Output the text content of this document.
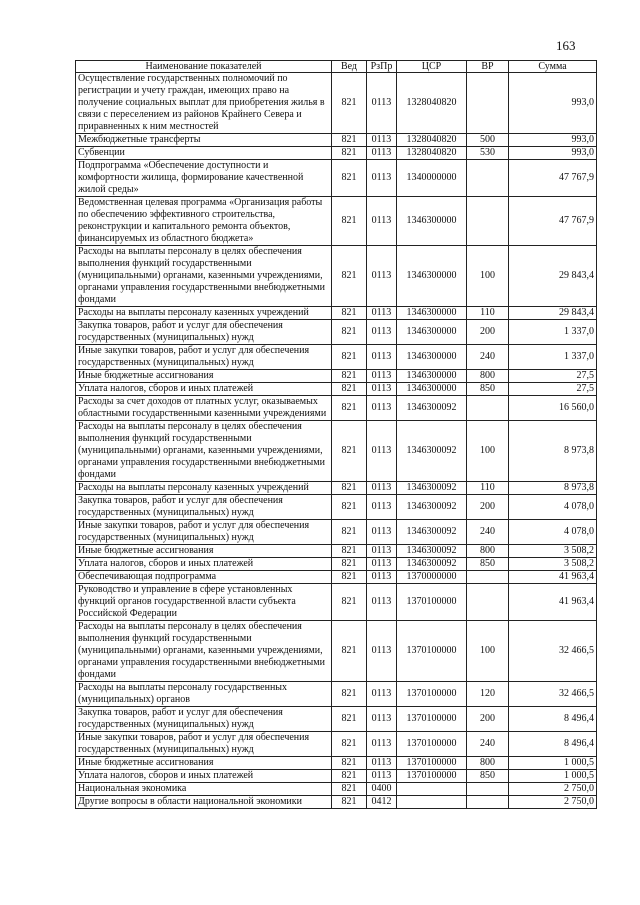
163
Наименование показателей	Вед	РзПр	ЦСР	ВР	Сумма
Осуществление государственных полномочий по регистрации и учету граждан, имеющих право на получение социальных выплат для приобретения жилья в связи с переселением из районов Крайнего Севера и приравненных к ним местностей	821	0113	1328040820		993,0
Межбюджетные трансферты	821	0113	1328040820	500	993,0
Субвенции	821	0113	1328040820	530	993,0
Подпрограмма «Обеспечение доступности и комфортности жилища, формирование качественной жилой среды»	821	0113	1340000000		47 767,9
Ведомственная целевая программа «Организация работы по обеспечению эффективного строительства, реконструкции и капитального ремонта объектов, финансируемых из областного бюджета»	821	0113	1346300000		47 767,9
Расходы на выплаты персоналу в целях обеспечения выполнения функций государственными (муниципальными) органами, казенными учреждениями, органами управления государственными внебюджетными фондами	821	0113	1346300000	100	29 843,4
Расходы на выплаты персоналу казенных учреждений	821	0113	1346300000	110	29 843,4
Закупка товаров, работ и услуг для обеспечения государственных (муниципальных) нужд	821	0113	1346300000	200	1 337,0
Иные закупки товаров, работ и услуг для обеспечения государственных (муниципальных) нужд	821	0113	1346300000	240	1 337,0
Иные бюджетные ассигнования	821	0113	1346300000	800	27,5
Уплата налогов, сборов и иных платежей	821	0113	1346300000	850	27,5
Расходы за счет доходов от платных услуг, оказываемых областными государственными казенными учреждениями	821	0113	1346300092		16 560,0
Расходы на выплаты персоналу в целях обеспечения выполнения функций государственными (муниципальными) органами, казенными учреждениями, органами управления государственными внебюджетными фондами	821	0113	1346300092	100	8 973,8
Расходы на выплаты персоналу казенных учреждений	821	0113	1346300092	110	8 973,8
Закупка товаров, работ и услуг для обеспечения государственных (муниципальных) нужд	821	0113	1346300092	200	4 078,0
Иные закупки товаров, работ и услуг для обеспечения государственных (муниципальных) нужд	821	0113	1346300092	240	4 078,0
Иные бюджетные ассигнования	821	0113	1346300092	800	3 508,2
Уплата налогов, сборов и иных платежей	821	0113	1346300092	850	3 508,2
Обеспечивающая подпрограмма	821	0113	1370000000		41 963,4
Руководство и управление в сфере установленных функций органов государственной власти субъекта Российской Федерации	821	0113	1370100000		41 963,4
Расходы на выплаты персоналу в целях обеспечения выполнения функций государственными (муниципальными) органами, казенными учреждениями, органами управления государственными внебюджетными фондами	821	0113	1370100000	100	32 466,5
Расходы на выплаты персоналу государственных (муниципальных) органов	821	0113	1370100000	120	32 466,5
Закупка товаров, работ и услуг для обеспечения государственных (муниципальных) нужд	821	0113	1370100000	200	8 496,4
Иные закупки товаров, работ и услуг для обеспечения государственных (муниципальных) нужд	821	0113	1370100000	240	8 496,4
Иные бюджетные ассигнования	821	0113	1370100000	800	1 000,5
Уплата налогов, сборов и иных платежей	821	0113	1370100000	850	1 000,5
Национальная экономика	821	0400			2 750,0
Другие вопросы в области национальной экономики	821	0412			2 750,0
